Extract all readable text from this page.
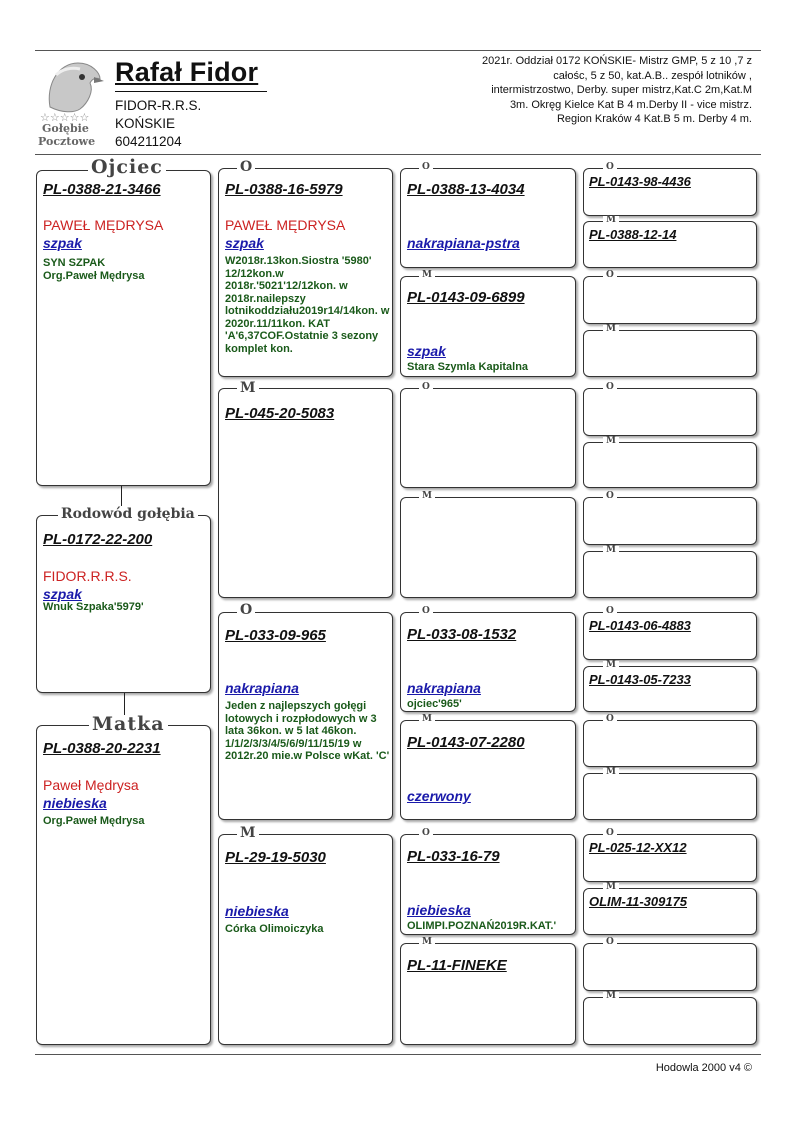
☆☆☆☆☆
Gołębie
Pocztowe
Rafał Fidor
FIDOR-R.R.S.
KOŃSKIE
604211204
2021r. Oddział 0172 KOŃSKIE- Mistrz GMP, 5 z 10 ,7 z całośc, 5 z 50, kat.A.B.. zespół lotników , intermistrzostwo, Derby. super mistrz,Kat.C 2m,Kat.M 3m. Okręg Kielce Kat B 4 m.Derby II - vice mistrz. Region Kraków 4 Kat.B 5 m. Derby 4 m.
PL-0388-21-3466
PAWEŁ MĘDRYSA
szpak
SYN SZPAK
Org.Paweł Mędrysa
Ojciec
PL-0172-22-200
FIDOR.R.R.S.
szpak
Wnuk Szpaka'5979'
Rodowód gołębia
PL-0388-20-2231
Paweł Mędrysa
niebieska
Org.Paweł Mędrysa
Matka
PL-0388-16-5979
PAWEŁ MĘDRYSA
szpak
W2018r.13kon.Siostra '5980' 12/12kon.w 2018r.'5021'12/12kon. w 2018r.nailepszy lotnikoddziału2019r14/14kon. w 2020r.11/11kon. KAT 'A'6,37COF.Ostatnie 3 sezony komplet kon.
O
PL-045-20-5083
M
PL-033-09-965
nakrapiana
Jeden z najlepszych gołęgi lotowych i rozpłodowych w 3 lata 36kon. w 5 lat 46kon. 1/1/2/3/3/4/5/6/9/11/15/19 w 2012r.20 mie.w Polsce wKat. 'C'
O
PL-29-19-5030
niebieska
Córka Olimoiczyka
M
PL-0388-13-4034
nakrapiana-pstra
O
PL-0143-09-6899
szpak
Stara Szymla Kapitalna
M
O
M
PL-033-08-1532
nakrapiana
ojciec'965'
O
PL-0143-07-2280
czerwony
M
PL-033-16-79
niebieska
OLIMPI.POZNAŃ2019R.KAT.'
O
PL-11-FINEKE
M
PL-0143-98-4436
O
PL-0388-12-14
M
O
M
O
M
O
M
PL-0143-06-4883
O
PL-0143-05-7233
M
O
M
PL-025-12-XX12
O
OLIM-11-309175
M
O
M
Hodowla 2000 v4 ©
